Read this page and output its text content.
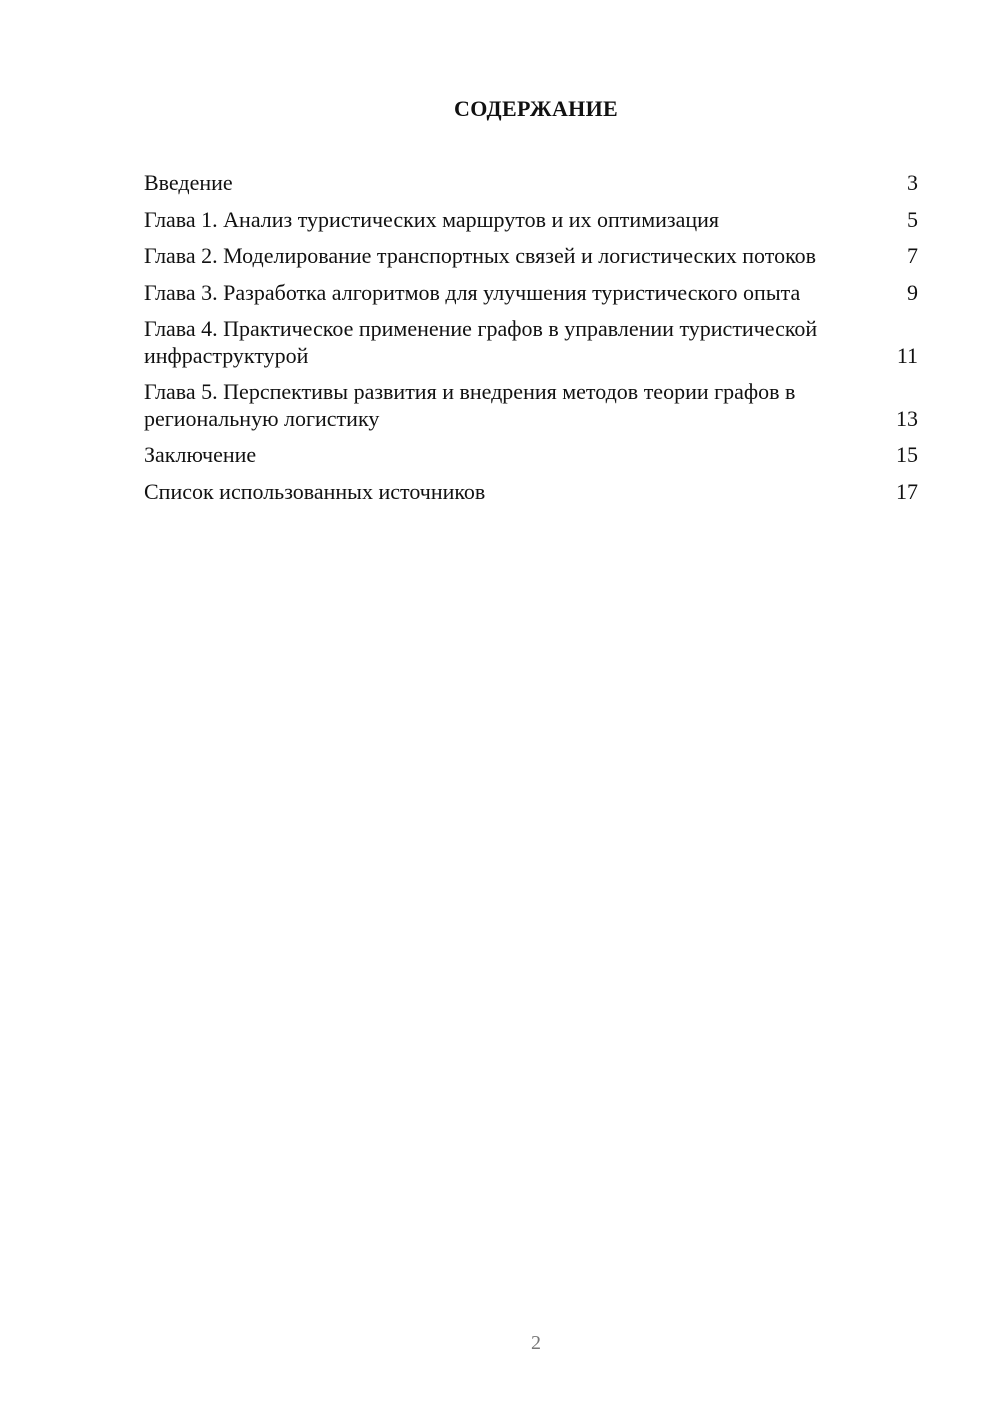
СОДЕРЖАНИЕ
Введение	3
Глава 1. Анализ туристических маршрутов и их оптимизация	5
Глава 2. Моделирование транспортных связей и логистических потоков	7
Глава 3. Разработка алгоритмов для улучшения туристического опыта	9
Глава 4. Практическое применение графов в управлении туристической инфраструктурой	11
Глава 5. Перспективы развития и внедрения методов теории графов в региональную логистику	13
Заключение	15
Список использованных источников	17
2
